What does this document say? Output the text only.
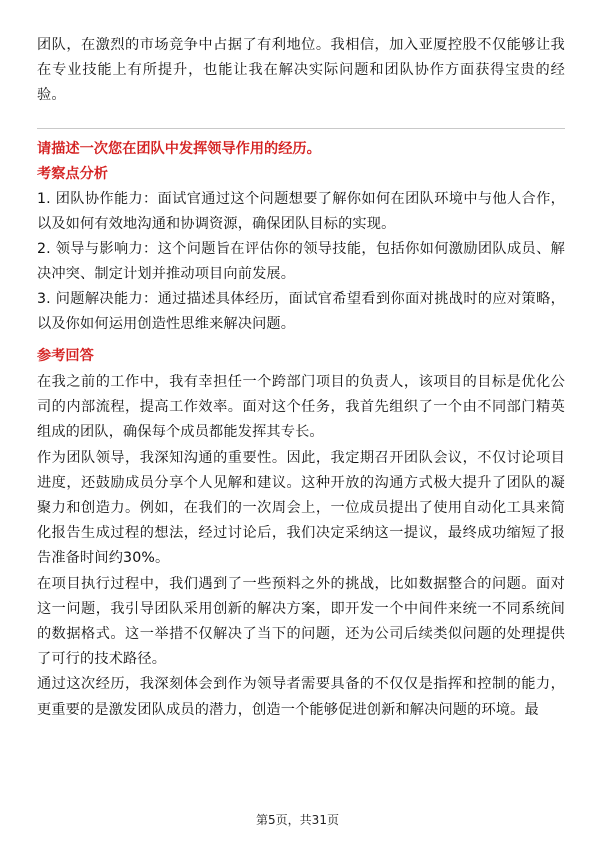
团队，在激烈的市场竞争中占据了有利地位。我相信，加入亚厦控股不仅能够让我在专业技能上有所提升，也能让我在解决实际问题和团队协作方面获得宝贵的经验。

请描述一次您在团队中发挥领导作用的经历。

考察点分析

1. 团队协作能力：面试官通过这个问题想要了解你如何在团队环境中与他人合作，以及如何有效地沟通和协调资源，确保团队目标的实现。

2. 领导与影响力：这个问题旨在评估你的领导技能，包括你如何激励团队成员、解决冲突、制定计划并推动项目向前发展。

3. 问题解决能力：通过描述具体经历，面试官希望看到你面对挑战时的应对策略，以及你如何运用创造性思维来解决问题。

参考回答

在我之前的工作中，我有幸担任一个跨部门项目的负责人，该项目的目标是优化公司的内部流程，提高工作效率。面对这个任务，我首先组织了一个由不同部门精英组成的团队，确保每个成员都能发挥其专长。

作为团队领导，我深知沟通的重要性。因此，我定期召开团队会议，不仅讨论项目进度，还鼓励成员分享个人见解和建议。这种开放的沟通方式极大提升了团队的凝聚力和创造力。例如，在我们的一次周会上，一位成员提出了使用自动化工具来简化报告生成过程的想法，经过讨论后，我们决定采纳这一提议，最终成功缩短了报告准备时间约30%。

在项目执行过程中，我们遇到了一些预料之外的挑战，比如数据整合的问题。面对这一问题，我引导团队采用创新的解决方案，即开发一个中间件来统一不同系统间的数据格式。这一举措不仅解决了当下的问题，还为公司后续类似问题的处理提供了可行的技术路径。

通过这次经历，我深刻体会到作为领导者需要具备的不仅仅是指挥和控制的能力，更重要的是激发团队成员的潜力，创造一个能够促进创新和解决问题的环境。最

第5页，共31页
